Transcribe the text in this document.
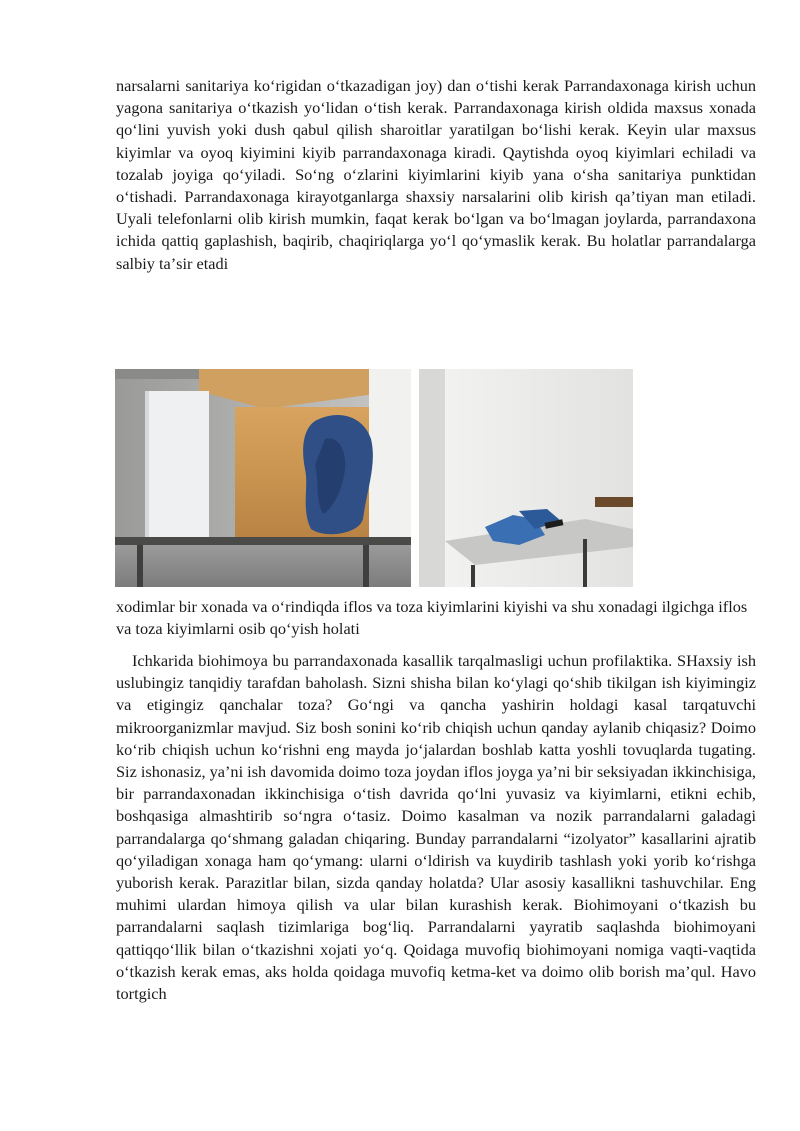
narsalarni sanitariya koʻrigidan oʻtkazadigan joy) dan oʻtishi kerak Parrandaxonaga kirish uchun yagona sanitariya oʻtkazish yoʻlidan oʻtish kerak. Parrandaxonaga kirish oldida maxsus xonada qoʻlini yuvish yoki dush qabul qilish sharoitlar yaratilgan boʻlishi kerak. Keyin ular maxsus kiyimlar va oyoq kiyimini kiyib parrandaxonaga kiradi. Qaytishda oyoq kiyimlari echiladi va tozalab joyiga qoʻyiladi. Soʻng oʻzlarini kiyimlarini kiyib yana oʻsha sanitariya punktidan oʻtishadi. Parrandaxonaga kirayotganlarga shaxsiy narsalarini olib kirish qaʼtiyan man etiladi. Uyali telefonlarni olib kirish mumkin, faqat kerak boʻlgan va boʻlmagan joylarda, parrandaxona ichida qattiq gaplashish, baqirib, chaqiriqlarga yoʻl qoʻymaslik kerak. Bu holatlar parrandalarga salbiy taʼsir etadi

xodimlar bir xonada va oʻrindiqda iflos va toza kiyimlarini kiyishi va shu xonadagi ilgichga iflos va toza kiyimlarni osib qoʻyish holati

Ichkarida biohimoya bu parrandaxonada kasallik tarqalmasligi uchun profilaktika. SHaxsiy ish uslubingiz tanqidiy tarafdan baholash. Sizni shisha bilan koʻylagi qoʻshib tikilgan ish kiyimingiz va etigingiz qanchalar toza? Goʻngi va qancha yashirin holdagi kasal tarqatuvchi mikroorganizmlar mavjud. Siz bosh sonini koʻrib chiqish uchun qanday aylanib chiqasiz? Doimo koʻrib chiqish uchun koʻrishni eng mayda joʻjalardan boshlab katta yoshli tovuqlarda tugating. Siz ishonasiz, yaʼni ish davomida doimo toza joydan iflos joyga yaʼni bir seksiyadan ikkinchisiga, bir parrandaxonadan ikkinchisiga oʻtish davrida qoʻlni yuvasiz va kiyimlarni, etikni echib, boshqasiga almashtirib soʻngra oʻtasiz. Doimo kasalman va nozik parrandalarni galadagi parrandalarga qoʻshmang galadan chiqaring. Bunday parrandalarni “izolyator” kasallarini ajratib qoʻyiladigan xonaga ham qoʻymang: ularni oʻldirish va kuydirib tashlash yoki yorib koʻrishga yuborish kerak. Parazitlar bilan, sizda qanday holatda? Ular asosiy kasallikni tashuvchilar. Eng muhimi ulardan himoya qilish va ular bilan kurashish kerak. Biohimoyani oʻtkazish bu parrandalarni saqlash tizimlariga bogʻliq. Parrandalarni yayratib saqlashda biohimoyani qattiqqoʻllik bilan oʻtkazishni xojati yoʻq. Qoidaga muvofiq biohimoyani nomiga vaqti-vaqtida oʻtkazish kerak emas, aks holda qoidaga muvofiq ketma-ket va doimo olib borish maʼqul. Havo tortgich
